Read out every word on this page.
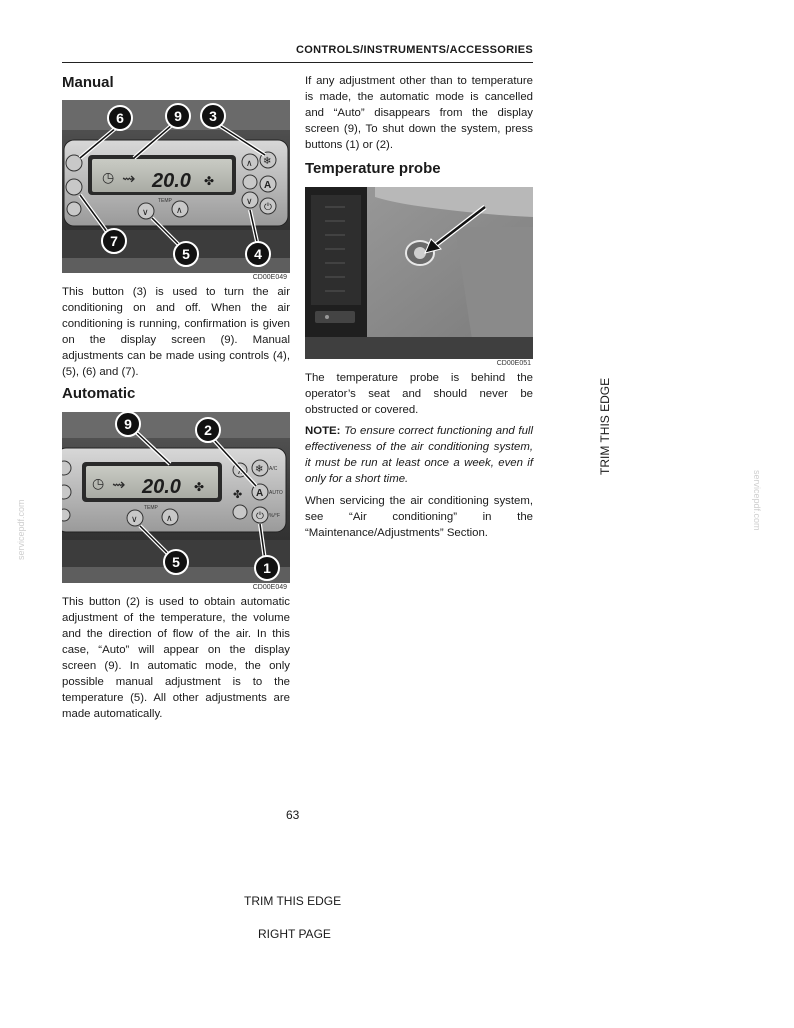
CONTROLS/INSTRUMENTS/ACCESSORIES
Manual
◷ ⇝ 20.0 ✤
∧
∨
❄
A
⏻
TEMP
∨	∧
6	9 3
7
5	4
CD00E049
This button (3) is used to turn the air conditioning on and off. When the air conditioning is running, confirmation is given on the display screen (9). Manual adjustments can be made using controls (4), (5), (6) and (7).
Automatic
◷ ⇝ 20.0 ✤
∧
✤
❄ A/C
A AUTO
⏻ %/°F
TEMP
∨	∧
9	2
5	1
CD00E049
This button (2) is used to obtain automatic adjustment of the temperature, the volume and the direction of flow of the air. In this case, “Auto” will appear on the display screen (9). In automatic mode, the only possible manual adjustment is to the temperature (5). All other adjustments are made automatically.
If any adjustment other than to temperature is made, the automatic mode is cancelled and “Auto” disappears from the display screen (9), To shut down the system, press buttons (1) or (2).
Temperature probe
CD00E051
The temperature probe is behind the operator’s seat and should never be obstructed or covered.
NOTE: To ensure correct functioning and full effectiveness of the air conditioning system, it must be run at least once a week, even if only for a short time.
When servicing the air conditioning system, see “Air conditioning” in the “Maintenance/Adjustments” Section.
63
TRIM THIS EDGE
RIGHT PAGE
TRIM THIS EDGE
servicepdf.com	servicepdf.com
